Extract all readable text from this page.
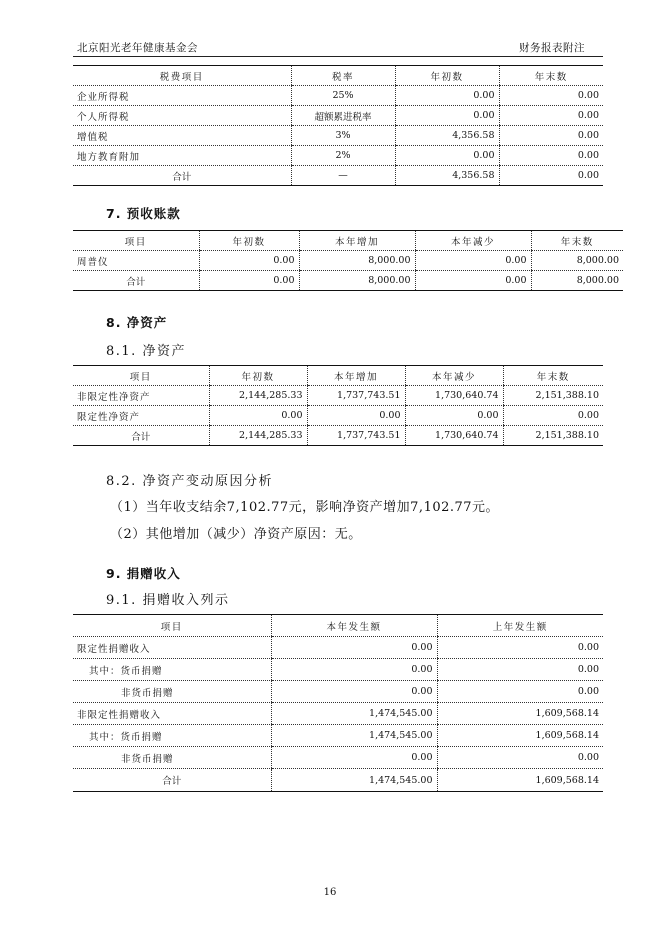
北京阳光老年健康基金会	财务报表附注
税费项目	税率	年初数	年末数
企业所得税	25%	0.00	0.00
个人所得税	超额累进税率	0.00	0.00
增值税	3%	4,356.58	0.00
地方教育附加	2%	0.00	0.00
合计	—	4,356.58	0.00
7. 预收账款
项目	年初数	本年增加	本年减少	年末数
周普仪	0.00	8,000.00	0.00	8,000.00
合计	0.00	8,000.00	0.00	8,000.00
8. 净资产
8.1. 净资产
项目	年初数	本年增加	本年减少	年末数
非限定性净资产	2,144,285.33	1,737,743.51	1,730,640.74	2,151,388.10
限定性净资产	0.00	0.00	0.00	0.00
合计	2,144,285.33	1,737,743.51	1,730,640.74	2,151,388.10
8.2. 净资产变动原因分析
（1）当年收支结余7,102.77元，影响净资产增加7,102.77元。
（2）其他增加（减少）净资产原因：无。
9. 捐赠收入
9.1. 捐赠收入列示
项目	本年发生额	上年发生额
限定性捐赠收入	0.00	0.00
其中：货币捐赠	0.00	0.00
非货币捐赠	0.00	0.00
非限定性捐赠收入	1,474,545.00	1,609,568.14
其中：货币捐赠	1,474,545.00	1,609,568.14
非货币捐赠	0.00	0.00
合计	1,474,545.00	1,609,568.14
16
